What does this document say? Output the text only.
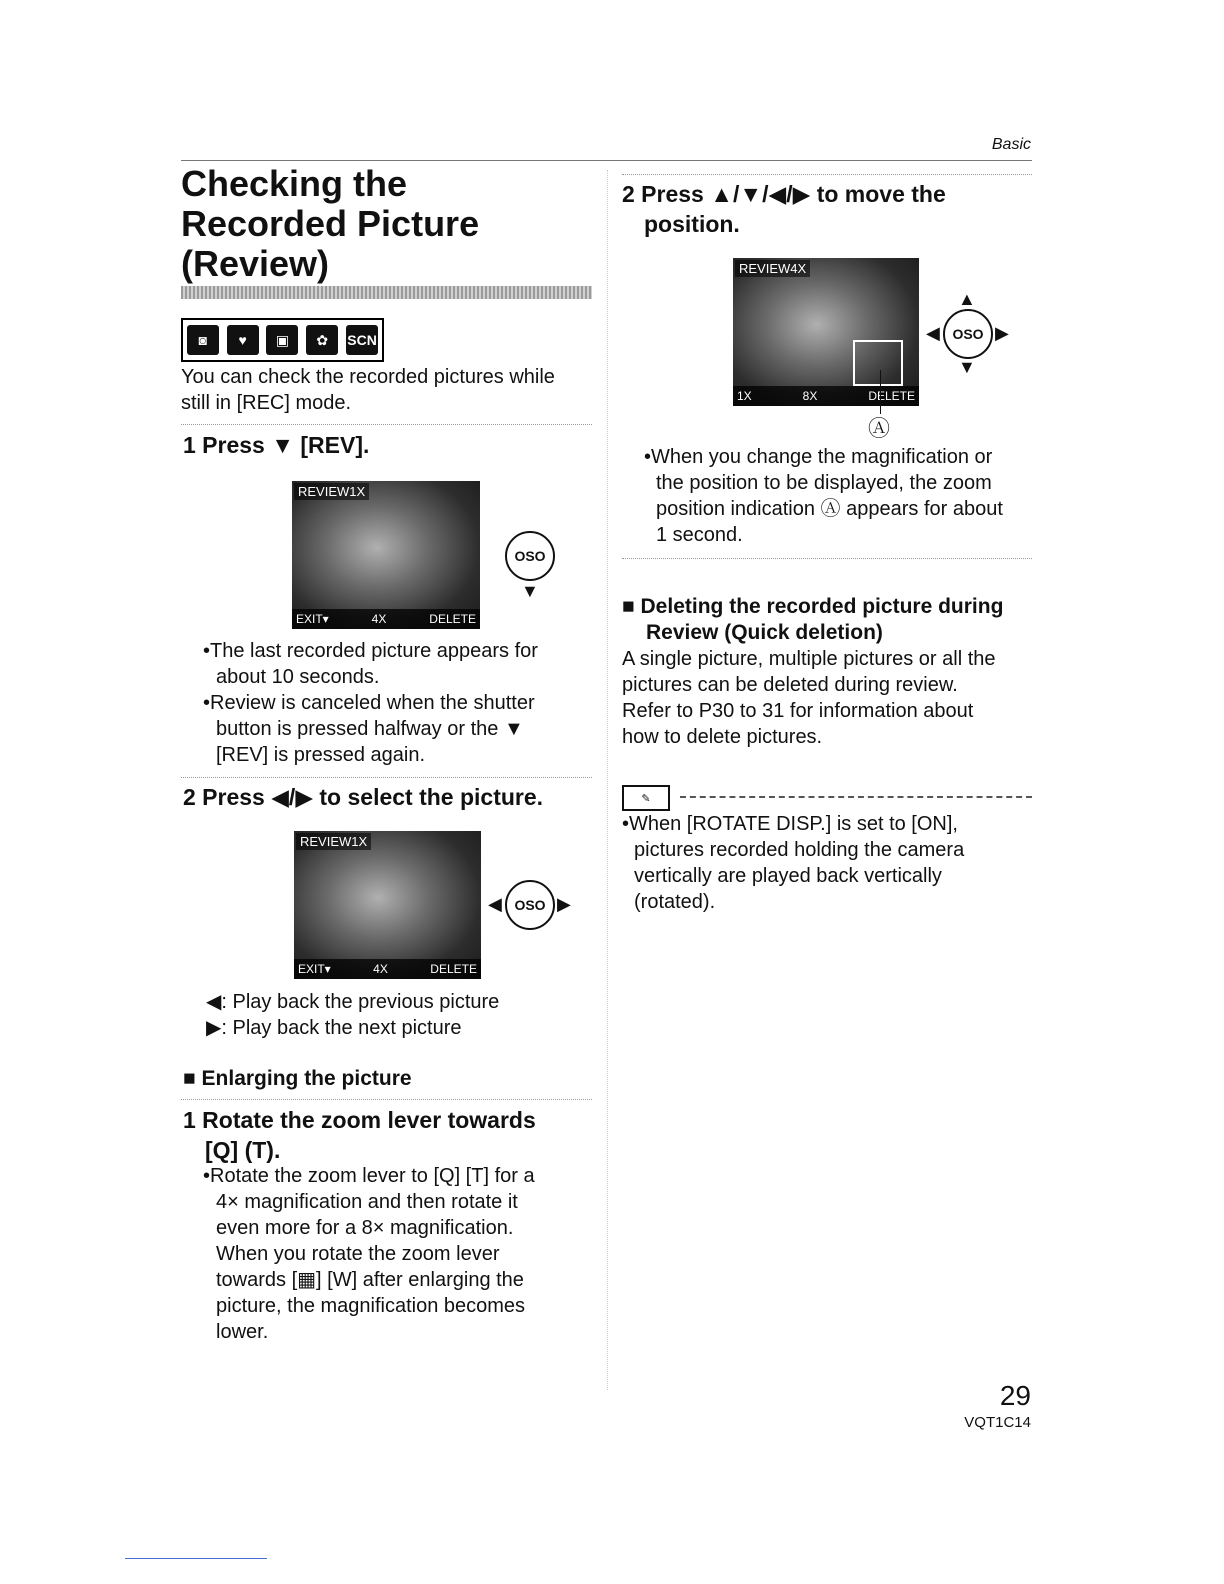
Basic
Checking the
Recorded Picture
(Review)
◙	♥	▣	✿	SCN
You can check the recorded pictures while
still in [REC] mode.
1 Press ▼ [REV].
REVIEW1X
EXIT▾	4X	DELETE
OSO
▼
•The last recorded picture appears for
about 10 seconds.
•Review is canceled when the shutter
button is pressed halfway or the ▼
[REV] is pressed again.
2 Press ◀/▶ to select the picture.
REVIEW1X
EXIT▾	4X	DELETE
◀ OSO ▶
◀: Play back the previous picture
▶: Play back the next picture
■ Enlarging the picture
1 Rotate the zoom lever towards
[Q] (T).
•Rotate the zoom lever to [Q] [T] for a
4× magnification and then rotate it
even more for a 8× magnification.
When you rotate the zoom lever
towards [▦] [W] after enlarging the
picture, the magnification becomes
lower.
2 Press ▲/▼/◀/▶ to move the
position.
REVIEW4X
1X	8X	DELETE
Ⓐ
▲
◀ OSO ▶
▼
•When you change the magnification or
the position to be displayed, the zoom
position indication Ⓐ appears for about
1 second.
■ Deleting the recorded picture during
Review (Quick deletion)
A single picture, multiple pictures or all the
pictures can be deleted during review.
Refer to P30 to 31 for information about
how to delete pictures.
✎
•When [ROTATE DISP.] is set to [ON],
pictures recorded holding the camera
vertically are played back vertically
(rotated).
29
VQT1C14
